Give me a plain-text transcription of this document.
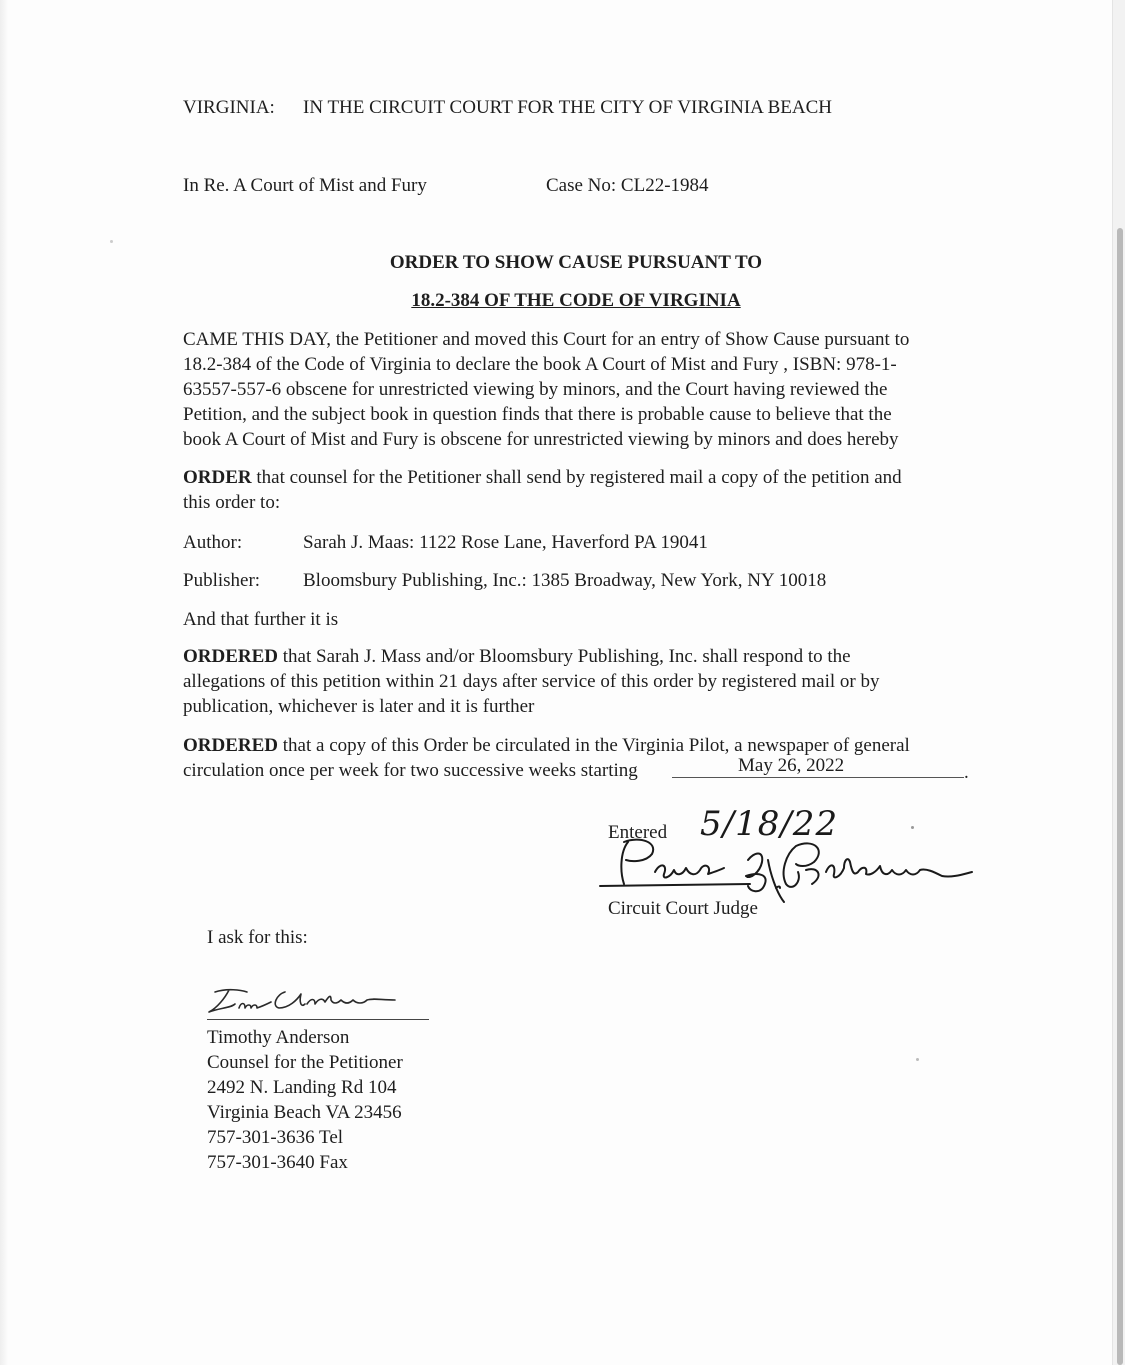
VIRGINIA: IN THE CIRCUIT COURT FOR THE CITY OF VIRGINIA BEACH
In Re. A Court of Mist and Fury	Case No: CL22-1984
ORDER TO SHOW CAUSE PURSUANT TO
18.2-384 OF THE CODE OF VIRGINIA
CAME THIS DAY, the Petitioner and moved this Court for an entry of Show Cause pursuant to
18.2-384 of the Code of Virginia to declare the book A Court of Mist and Fury , ISBN: 978-1-
63557-557-6 obscene for unrestricted viewing by minors, and the Court having reviewed the
Petition, and the subject book in question finds that there is probable cause to believe that the
book A Court of Mist and Fury is obscene for unrestricted viewing by minors and does hereby
ORDER that counsel for the Petitioner shall send by registered mail a copy of the petition and
this order to:
Author:	Sarah J. Maas: 1122 Rose Lane, Haverford PA 19041
Publisher: Bloomsbury Publishing, Inc.: 1385 Broadway, New York, NY 10018
And that further it is
ORDERED that Sarah J. Mass and/or Bloomsbury Publishing, Inc. shall respond to the
allegations of this petition within 21 days after service of this order by registered mail or by
publication, whichever is later and it is further
ORDERED that a copy of this Order be circulated in the Virginia Pilot, a newspaper of general
circulation once per week for two successive weeks starting	May 26, 2022	.
Entered 5/18/22
Circuit Court Judge
I ask for this:
Timothy Anderson
Counsel for the Petitioner
2492 N. Landing Rd 104
Virginia Beach VA 23456
757-301-3636 Tel
757-301-3640 Fax
